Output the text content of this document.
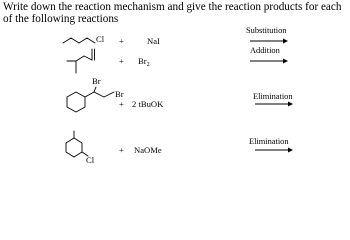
Write down the reaction mechanism and give the reaction products for each of the following reactions

Cl +	NaI
Substitution
+ $Br_2$
Addition
Br
Br
+ 2 tBuOK
Elimination
Cl
+ NaOMe
Elimination
